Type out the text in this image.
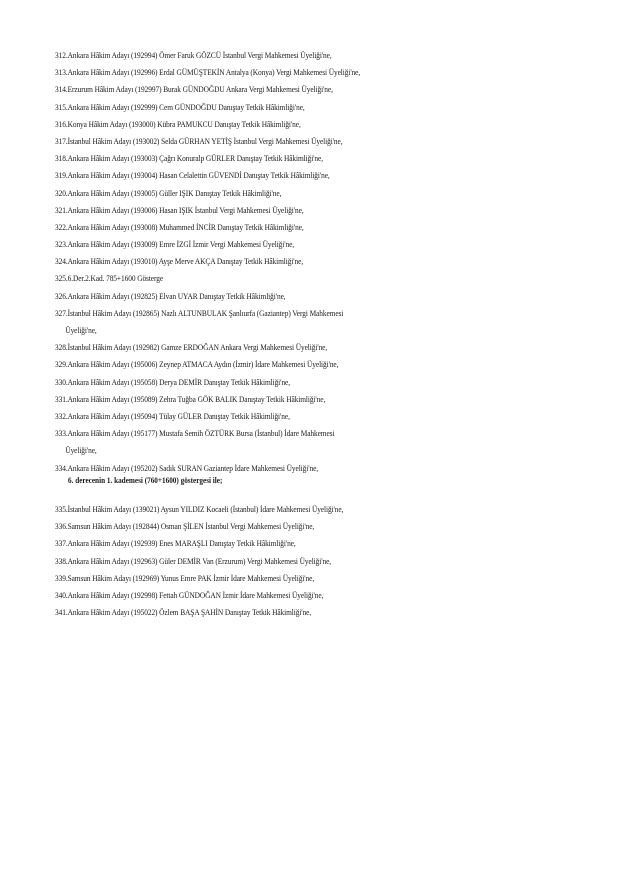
312.Ankara Hâkim Adayı (192994) Ömer Faruk GÖZCÜ İstanbul Vergi Mahkemesi Üyeliği'ne,
313.Ankara Hâkim Adayı (192996) Erdal GÜMÜŞTEKİN Antalya (Konya) Vergi Mahkemesi Üyeliği'ne,
314.Erzurum Hâkim Adayı (192997) Burak GÜNDOĞDU Ankara Vergi Mahkemesi Üyeliği'ne,
315.Ankara Hâkim Adayı (192999) Cem GÜNDOĞDU Danıştay Tetkik Hâkimliği'ne,
316.Konya Hâkim Adayı (193000) Kübra PAMUKCU Danıştay Tetkik Hâkimliği'ne,
317.İstanbul Hâkim Adayı (193002) Selda GÜRHAN YETİŞ İstanbul Vergi Mahkemesi Üyeliği'ne,
318.Ankara Hâkim Adayı (193003) Çağrı Konuralp GÜRLER Danıştay Tetkik Hâkimliği'ne,
319.Ankara Hâkim Adayı (193004) Hasan Celalettin GÜVENDİ Danıştay Tetkik Hâkimliği'ne,
320.Ankara Hâkim Adayı (193005) Güller IŞIK Danıştay Tetkik Hâkimliği'ne,
321.Ankara Hâkim Adayı (193006) Hasan IŞIK İstanbul Vergi Mahkemesi Üyeliği'ne,
322.Ankara Hâkim Adayı (193008) Muhammed İNCİR Danıştay Tetkik Hâkimliği'ne,
323.Ankara Hâkim Adayı (193009) Emre İZGİ İzmir Vergi Mahkemesi Üyeliği'ne,
324.Ankara Hâkim Adayı (193010) Ayşe Merve AKÇA Danıştay Tetkik Hâkimliği'ne,
325.6.Der.2.Kad. 785+1600 Gösterge
326.Ankara Hâkim Adayı (192825) Elvan UYAR Danıştay Tetkik Hâkimliği'ne,
327.İstanbul Hâkim Adayı (192865) Nazlı ALTUNBULAK Şanlıurfa (Gaziantep) Vergi Mahkemesi
Üyeliği'ne,
328.İstanbul Hâkim Adayı (192982) Gamze ERDOĞAN Ankara Vergi Mahkemesi Üyeliği'ne,
329.Ankara Hâkim Adayı (195006) Zeynep ATMACA Aydın (İzmir) İdare Mahkemesi Üyeliği'ne,
330.Ankara Hâkim Adayı (195058) Derya DEMİR Danıştay Tetkik Hâkimliği'ne,
331.Ankara Hâkim Adayı (195089) Zehra Tuğba GÖK BALIK Danıştay Tetkik Hâkimliği'ne,
332.Ankara Hâkim Adayı (195094) Tülay GÜLER Danıştay Tetkik Hâkimliği'ne,
333.Ankara Hâkim Adayı (195177) Mustafa Semih ÖZTÜRK Bursa (İstanbul) İdare Mahkemesi
Üyeliği'ne,
334.Ankara Hâkim Adayı (195202) Sadık SURAN Gaziantep İdare Mahkemesi Üyeliği'ne,
6. derecenin 1. kademesi (760+1600) göstergesi ile;
335.İstanbul Hâkim Adayı (139021) Aysun YILDIZ Kocaeli (İstanbul) İdare Mahkemesi Üyeliği'ne,
336.Samsun Hâkim Adayı (192844) Osman ŞİLEN İstanbul Vergi Mahkemesi Üyeliği'ne,
337.Ankara Hâkim Adayı (192939) Enes MARAŞLI Danıştay Tetkik Hâkimliği'ne,
338.Ankara Hâkim Adayı (192963) Güler DEMİR Van (Erzurum) Vergi Mahkemesi Üyeliği'ne,
339.Samsun Hâkim Adayı (192969) Yunus Emre PAK İzmir İdare Mahkemesi Üyeliği'ne,
340.Ankara Hâkim Adayı (192998) Fettah GÜNDOĞAN İzmir İdare Mahkemesi Üyeliği'ne,
341.Ankara Hâkim Adayı (195022) Özlem BAŞA ŞAHİN Danıştay Tetkik Hâkimliği'ne,
